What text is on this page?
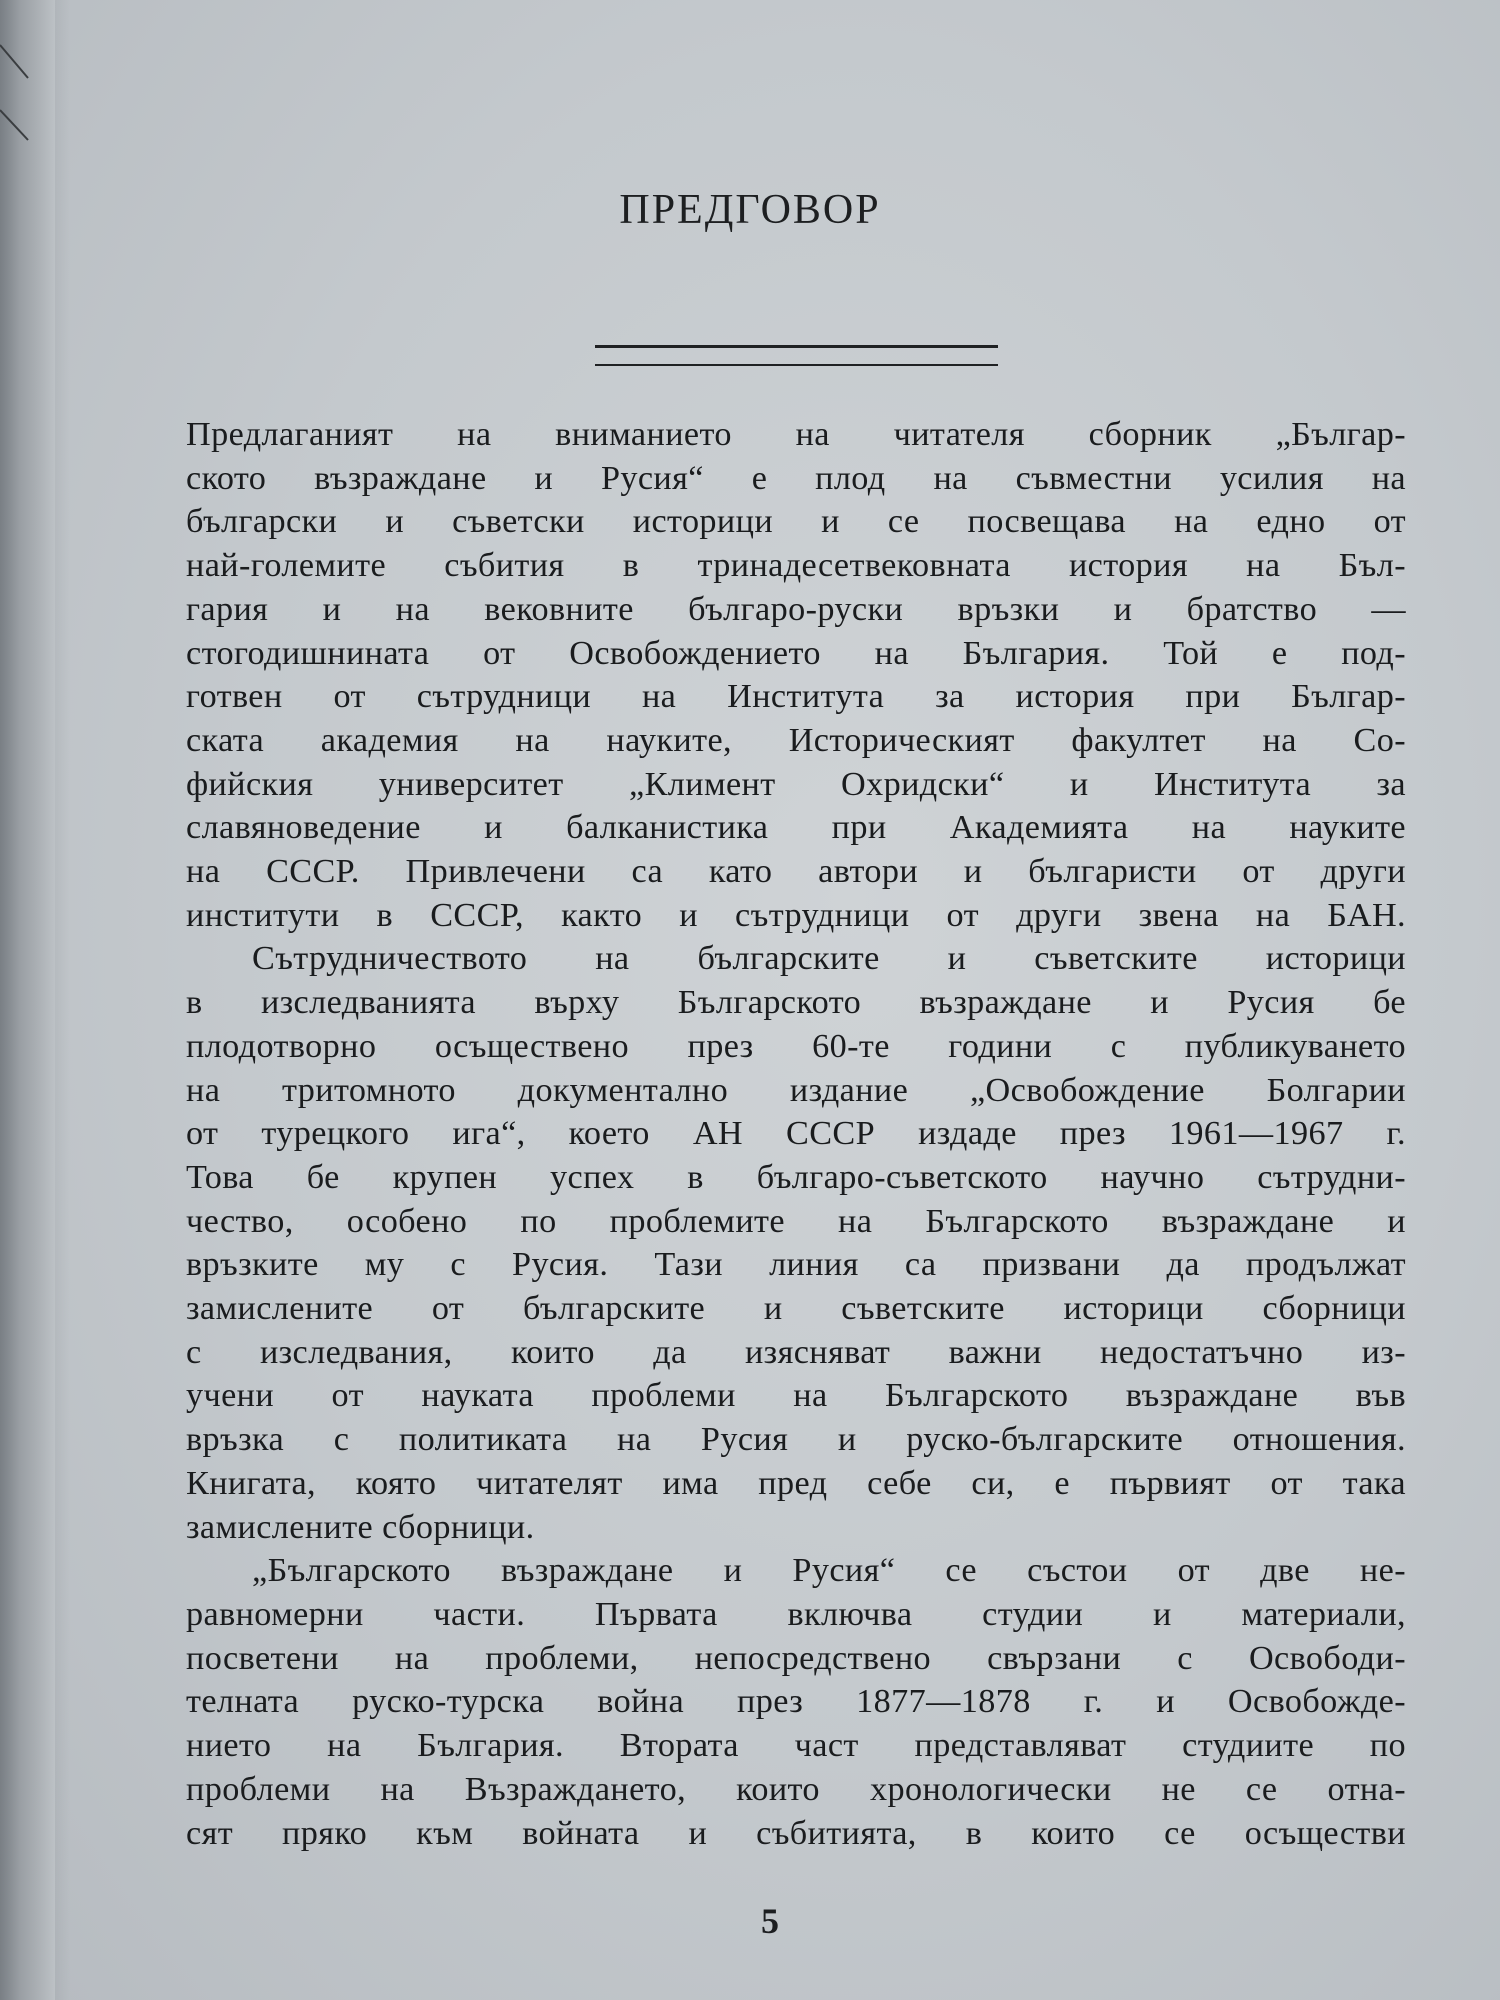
ПРЕДГОВОР
Предлаганият на вниманието на читателя сборник „Българ-
ското възраждане и Русия“ е плод на съвместни усилия на
български и съветски историци и се посвещава на едно от
най-големите събития в тринадесетвековната история на Бъл-
гария и на вековните българо-руски връзки и братство —
стогодишнината от Освобождението на България. Той е под-
готвен от сътрудници на Института за история при Българ-
ската академия на науките, Историческият факултет на Со-
фийския университет „Климент Охридски“ и Института за
славяноведение и балканистика при Академията на науките
на СССР. Привлечени са като автори и българисти от други
институти в СССР, както и сътрудници от други звена на БАН.
Сътрудничеството на българските и съветските историци
в изследванията върху Българското възраждане и Русия бе
плодотворно осъществено през 60-те години с публикуването
на тритомното документално издание „Освобождение Болгарии
от турецкого ига“, което АН СССР издаде през 1961—1967 г.
Това бе крупен успех в българо-съветското научно сътрудни-
чество, особено по проблемите на Българското възраждане и
връзките му с Русия. Тази линия са призвани да продължат
замислените от българските и съветските историци сборници
с изследвания, които да изясняват важни недостатъчно из-
учени от науката проблеми на Българското възраждане във
връзка с политиката на Русия и руско-българските отношения.
Книгата, която читателят има пред себе си, е първият от така
замислените сборници.
„Българското възраждане и Русия“ се състои от две не-
равномерни части. Първата включва студии и материали,
посветени на проблеми, непосредствено свързани с Освободи-
телната руско-турска война през 1877—1878 г. и Освобожде-
нието на България. Втората част представляват студиите по
проблеми на Възраждането, които хронологически не се отна-
сят пряко към войната и събитията, в които се осъществи
5
